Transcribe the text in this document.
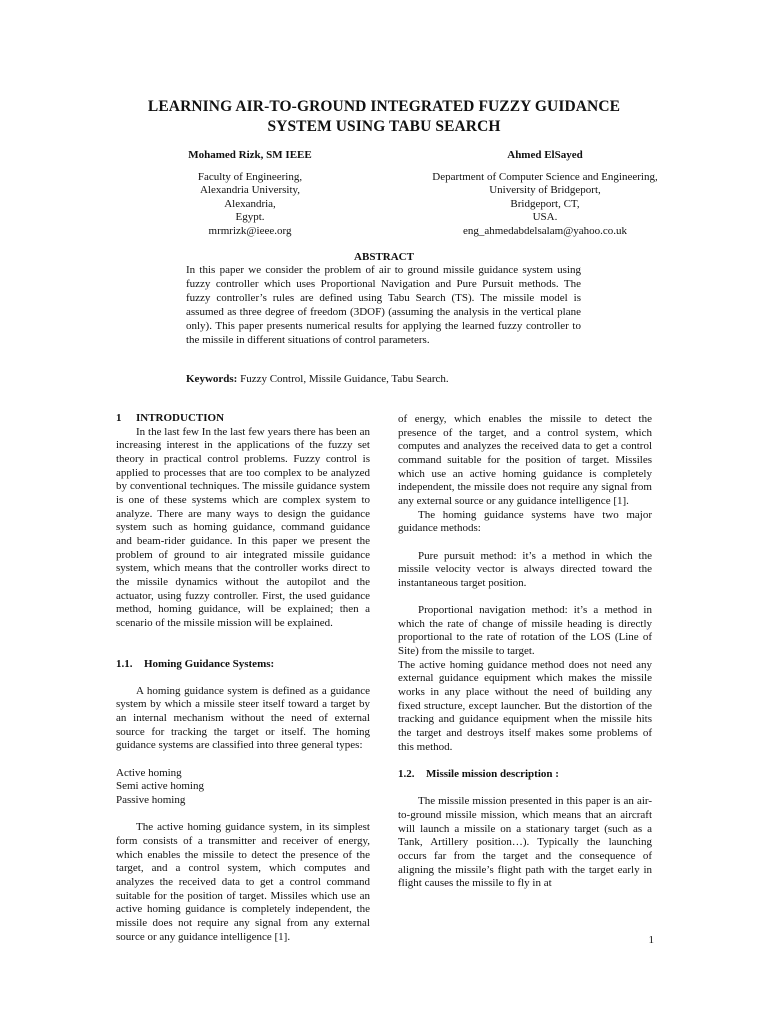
LEARNING AIR-TO-GROUND INTEGRATED FUZZY GUIDANCE
SYSTEM USING TABU SEARCH
Mohamed Rizk, SM IEEE
Faculty of Engineering,
Alexandria University,
Alexandria,
Egypt.
mrmrizk@ieee.org
Ahmed ElSayed
Department of Computer Science and Engineering,
University of Bridgeport,
Bridgeport, CT,
USA.
eng_ahmedabdelsalam@yahoo.co.uk
ABSTRACT
In this paper we consider the problem of air to ground missile guidance system using fuzzy controller which uses Proportional Navigation and Pure Pursuit methods. The fuzzy controller’s rules are defined using Tabu Search (TS). The missile model is assumed as three degree of freedom (3DOF) (assuming the analysis in the vertical plane only). This paper presents numerical results for applying the learned fuzzy controller to the missile in different situations of control parameters.
Keywords: Fuzzy Control, Missile Guidance, Tabu Search.

1 INTRODUCTION

In the last few In the last few years there has been an increasing interest in the applications of the fuzzy set theory in practical control problems. Fuzzy control is applied to processes that are too complex to be analyzed by conventional techniques. The missile guidance system is one of these systems which are complex system to analyze. There are many ways to design the guidance system such as homing guidance, command guidance and beam-rider guidance. In this paper we present the problem of ground to air integrated missile guidance system, which means that the controller works direct to the missile dynamics without the autopilot and the actuator, using fuzzy controller. First, the used guidance method, homing guidance, will be explained; then a scenario of the missile mission will be explained.

1.1. Homing Guidance Systems:

A homing guidance system is defined as a guidance system by which a missile steer itself toward a target by an internal mechanism without the need of external source for tracking the target or itself. The homing guidance systems are classified into three general types:

Active homing

Semi active homing

Passive homing

The active homing guidance system, in its simplest form consists of a transmitter and receiver of energy, which enables the missile to detect the presence of the target, and a control system, which computes and analyzes the received data to get a control command suitable for the position of target. Missiles which use an active homing guidance is completely independent, the missile does not require any signal from any external source or any guidance intelligence [1].

of energy, which enables the missile to detect the presence of the target, and a control system, which computes and analyzes the received data to get a control command suitable for the position of target. Missiles which use an active homing guidance is completely independent, the missile does not require any signal from any external source or any guidance intelligence [1].

The homing guidance systems have two major guidance methods:

Pure pursuit method: it’s a method in which the missile velocity vector is always directed toward the instantaneous target position.

Proportional navigation method: it’s a method in which the rate of change of missile heading is directly proportional to the rate of rotation of the LOS (Line of Site) from the missile to target.

The active homing guidance method does not need any external guidance equipment which makes the missile works in any place without the need of building any fixed structure, except launcher. But the distortion of the tracking and guidance equipment when the missile hits the target and destroys itself makes some problems of this method.

1.2. Missile mission description :

The missile mission presented in this paper is an air-to-ground missile mission, which means that an aircraft will launch a missile on a stationary target (such as a Tank, Artillery position…). Typically the launching occurs far from the target and the consequence of aligning the missile’s flight path with the target early in flight causes the missile to fly in at

1
